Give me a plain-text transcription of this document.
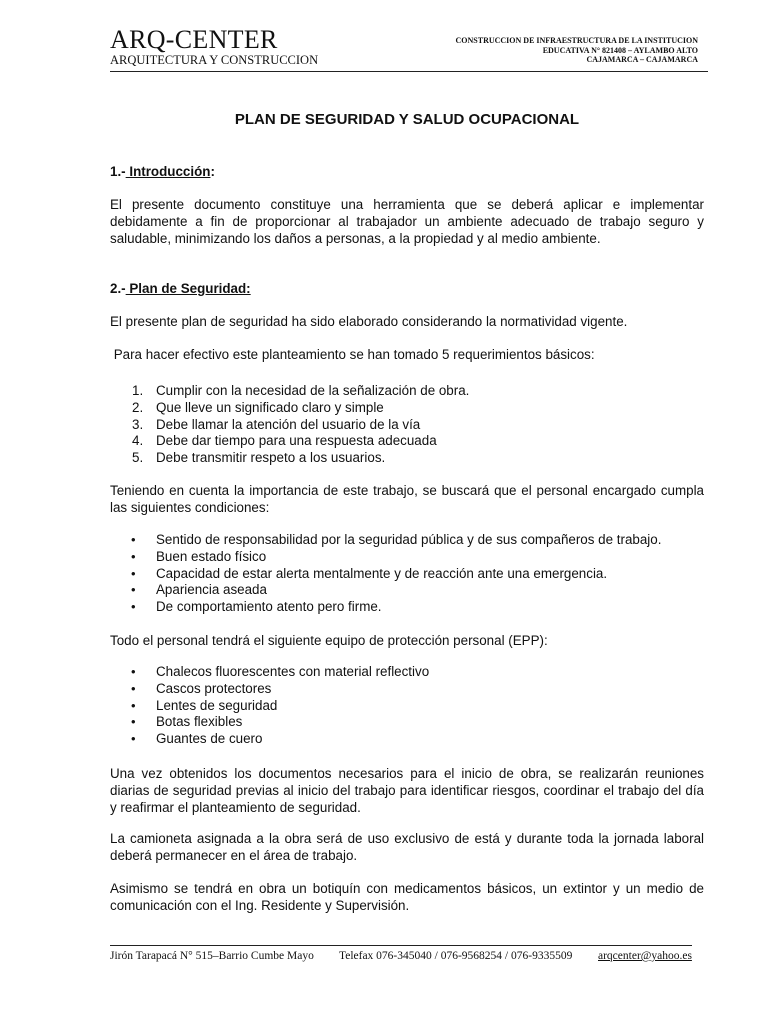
ARQ-CENTER
ARQUITECTURA Y CONSTRUCCION
CONSTRUCCION DE INFRAESTRUCTURA DE LA INSTITUCION
EDUCATIVA N° 821408 – AYLAMBO ALTO
CAJAMARCA – CAJAMARCA
PLAN DE SEGURIDAD Y SALUD OCUPACIONAL
1.- Introducción:
El presente documento constituye una herramienta que se deberá aplicar e implementar debidamente a fin de proporcionar al trabajador un ambiente adecuado de trabajo seguro y saludable, minimizando los daños a personas, a la propiedad y al medio ambiente.
2.- Plan de Seguridad:
El presente plan de seguridad ha sido elaborado considerando la normatividad vigente.
Para hacer efectivo este planteamiento se han tomado 5 requerimientos básicos:
1. Cumplir con la necesidad de la señalización de obra.
2. Que lleve un significado claro y simple
3. Debe llamar la atención del usuario de la vía
4. Debe dar tiempo para una respuesta adecuada
5. Debe transmitir respeto a los usuarios.
Teniendo en cuenta la importancia de este trabajo, se buscará que el personal encargado cumpla las siguientes condiciones:
• Sentido de responsabilidad por la seguridad pública y de sus compañeros de trabajo.
• Buen estado físico
• Capacidad de estar alerta mentalmente y de reacción ante una emergencia.
• Apariencia aseada
• De comportamiento atento pero firme.
Todo el personal tendrá el siguiente equipo de protección personal (EPP):
• Chalecos fluorescentes con material reflectivo
• Cascos protectores
• Lentes de seguridad
• Botas flexibles
• Guantes de cuero
Una vez obtenidos los documentos necesarios para el inicio de obra, se realizarán reuniones diarias de seguridad previas al inicio del trabajo para identificar riesgos, coordinar el trabajo del día y reafirmar el planteamiento de seguridad.
La camioneta asignada a la obra será de uso exclusivo de está y durante toda la jornada laboral deberá permanecer en el área de trabajo.
Asimismo se tendrá en obra un botiquín con medicamentos básicos, un extintor y un medio de comunicación con el Ing. Residente y Supervisión.
Jirón Tarapacá N° 515–Barrio Cumbe Mayo Telefax 076-345040 / 076-9568254 / 076-9335509 arqcenter@yahoo.es
